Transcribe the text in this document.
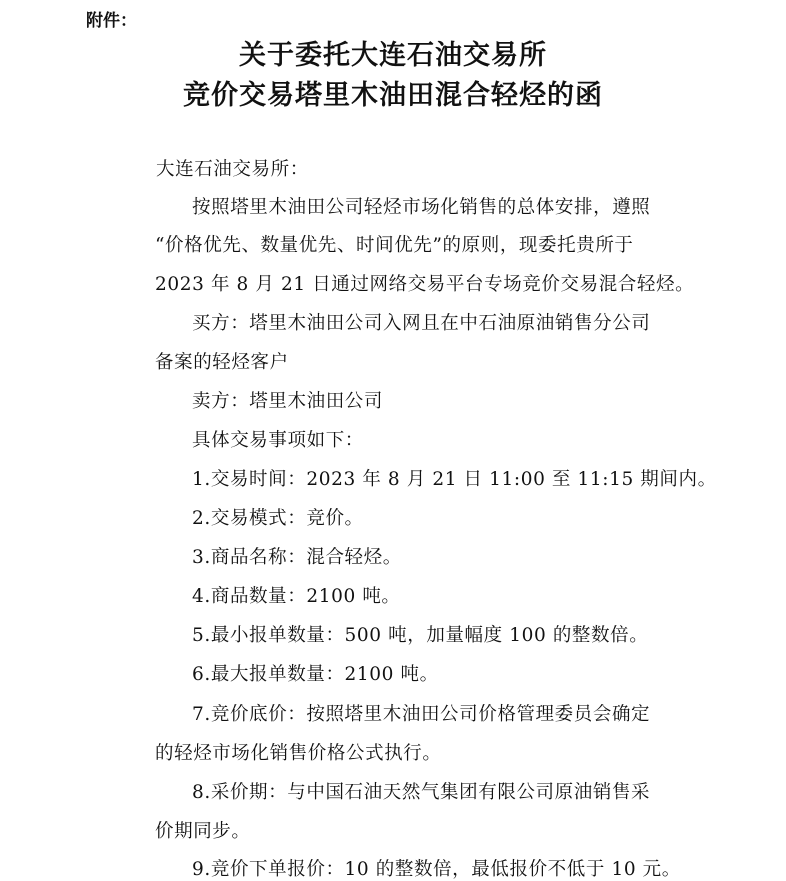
附件：
关于委托大连石油交易所
竞价交易塔里木油田混合轻烃的函
大连石油交易所：
按照塔里木油田公司轻烃市场化销售的总体安排，遵照
“价格优先、数量优先、时间优先”的原则，现委托贵所于
2023 年 8 月 21 日通过网络交易平台专场竞价交易混合轻烃。
买方：塔里木油田公司入网且在中石油原油销售分公司
备案的轻烃客户
卖方：塔里木油田公司
具体交易事项如下：
1.交易时间：2023 年 8 月 21 日 11:00 至 11:15 期间内。
2.交易模式：竞价。
3.商品名称：混合轻烃。
4.商品数量：2100 吨。
5.最小报单数量：500 吨，加量幅度 100 的整数倍。
6.最大报单数量：2100 吨。
7.竞价底价：按照塔里木油田公司价格管理委员会确定
的轻烃市场化销售价格公式执行。
8.采价期：与中国石油天然气集团有限公司原油销售采
价期同步。
9.竞价下单报价：10 的整数倍，最低报价不低于 10 元。
